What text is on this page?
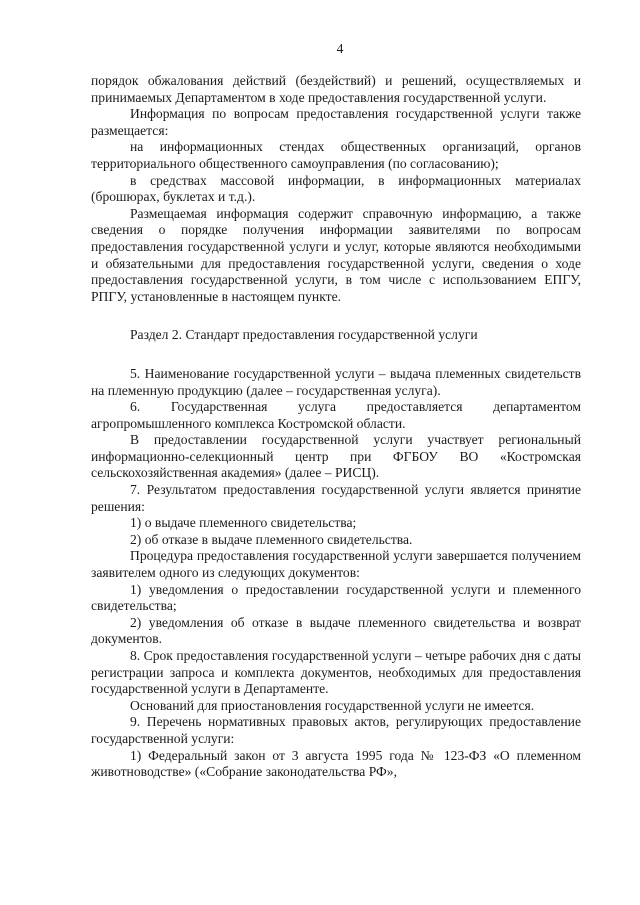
4

порядок обжалования действий (бездействий) и решений, осуществляемых и принимаемых Департаментом в ходе предоставления государственной услуги.

Информация по вопросам предоставления государственной услуги также размещается:

на информационных стендах общественных организаций, органов территориального общественного самоуправления (по согласованию);

в средствах массовой информации, в информационных материалах (брошюрах, буклетах и т.д.).

Размещаемая информация содержит справочную информацию, а также сведения о порядке получения информации заявителями по вопросам предоставления государственной услуги и услуг, которые являются необходимыми и обязательными для предоставления государственной услуги, сведения о ходе предоставления государственной услуги, в том числе с использованием ЕПГУ, РПГУ, установленные в настоящем пункте.

Раздел 2. Стандарт предоставления государственной услуги

5. Наименование государственной услуги – выдача племенных свидетельств на племенную продукцию (далее – государственная услуга).

6. Государственная услуга предоставляется департаментом агропромышленного комплекса Костромской области.

В предоставлении государственной услуги участвует региональный информационно-селекционный центр при ФГБОУ ВО «Костромская сельскохозяйственная академия» (далее – РИСЦ).

7. Результатом предоставления государственной услуги является принятие решения:

1) о выдаче племенного свидетельства;

2) об отказе в выдаче племенного свидетельства.

Процедура предоставления государственной услуги завершается получением заявителем одного из следующих документов:

1) уведомления о предоставлении государственной услуги и племенного свидетельства;

2) уведомления об отказе в выдаче племенного свидетельства и возврат документов.

8. Срок предоставления государственной услуги – четыре рабочих дня с даты регистрации запроса и комплекта документов, необходимых для предоставления государственной услуги в Департаменте.

Оснований для приостановления государственной услуги не имеется.

9. Перечень нормативных правовых актов, регулирующих предоставление государственной услуги:

1) Федеральный закон от 3 августа 1995 года № 123-ФЗ «О племенном животноводстве» («Собрание законодательства РФ»,
